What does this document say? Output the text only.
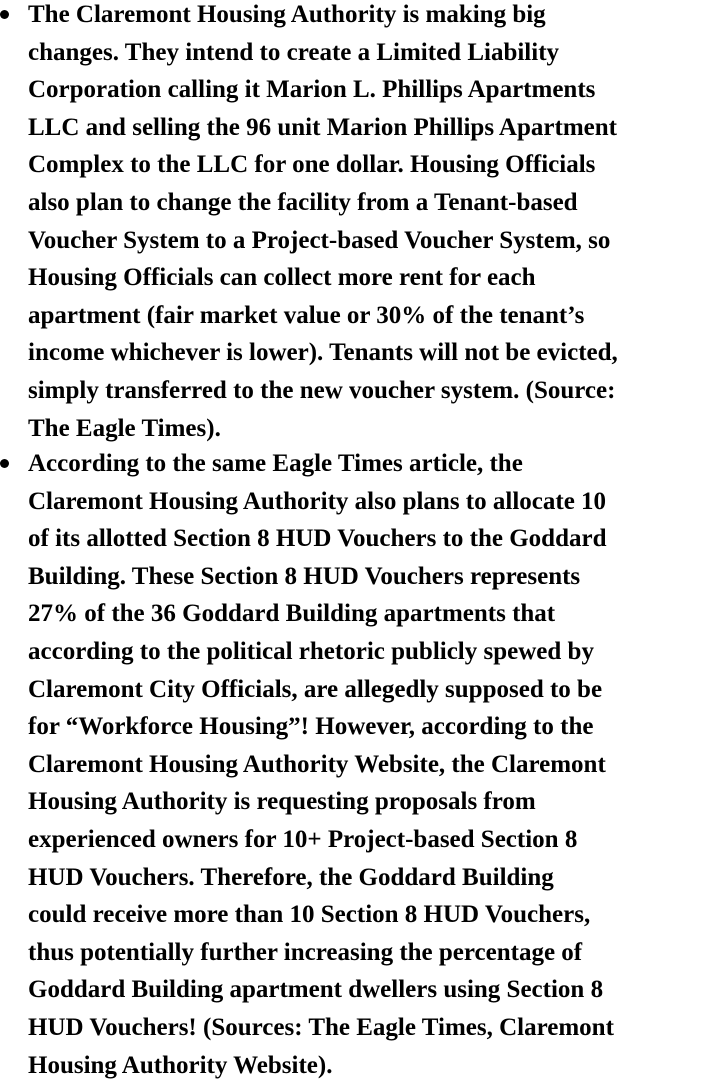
The Claremont Housing Authority is making big
changes. They intend to create a Limited Liability
Corporation calling it Marion L. Phillips Apartments
LLC and selling the 96 unit Marion Phillips Apartment
Complex to the LLC for one dollar. Housing Officials
also plan to change the facility from a Tenant-based
Voucher System to a Project-based Voucher System, so
Housing Officials can collect more rent for each
apartment (fair market value or 30% of the tenant’s
income whichever is lower). Tenants will not be evicted,
simply transferred to the new voucher system. (Source:
The Eagle Times).

According to the same Eagle Times article, the
Claremont Housing Authority also plans to allocate 10
of its allotted Section 8 HUD Vouchers to the Goddard
Building. These Section 8 HUD Vouchers represents
27% of the 36 Goddard Building apartments that
according to the political rhetoric publicly spewed by
Claremont City Officials, are allegedly supposed to be
for “Workforce Housing”! However, according to the
Claremont Housing Authority Website, the Claremont
Housing Authority is requesting proposals from
experienced owners for 10+ Project-based Section 8
HUD Vouchers. Therefore, the Goddard Building
could receive more than 10 Section 8 HUD Vouchers,
thus potentially further increasing the percentage of
Goddard Building apartment dwellers using Section 8
HUD Vouchers! (Sources: The Eagle Times, Claremont
Housing Authority Website).
